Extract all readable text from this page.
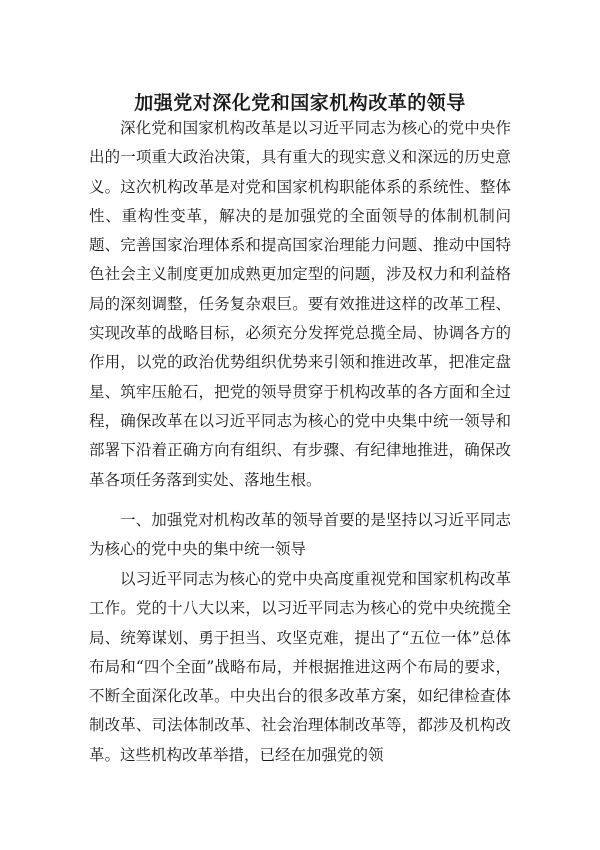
加强党对深化党和国家机构改革的领导

深化党和国家机构改革是以习近平同志为核心的党中央作出的一项重大政治决策，具有重大的现实意义和深远的历史意义。这次机构改革是对党和国家机构职能体系的系统性、整体性、重构性变革，解决的是加强党的全面领导的体制机制问题、完善国家治理体系和提高国家治理能力问题、推动中国特色社会主义制度更加成熟更加定型的问题，涉及权力和利益格局的深刻调整，任务复杂艰巨。要有效推进这样的改革工程、实现改革的战略目标，必须充分发挥党总揽全局、协调各方的作用，以党的政治优势组织优势来引领和推进改革，把准定盘星、筑牢压舱石，把党的领导贯穿于机构改革的各方面和全过程，确保改革在以习近平同志为核心的党中央集中统一领导和部署下沿着正确方向有组织、有步骤、有纪律地推进，确保改革各项任务落到实处、落地生根。

一、加强党对机构改革的领导首要的是坚持以习近平同志为核心的党中央的集中统一领导

以习近平同志为核心的党中央高度重视党和国家机构改革工作。党的十八大以来，以习近平同志为核心的党中央统揽全局、统筹谋划、勇于担当、攻坚克难，提出了“五位一体”总体布局和“四个全面”战略布局，并根据推进这两个布局的要求，不断全面深化改革。中央出台的很多改革方案，如纪律检查体制改革、司法体制改革、社会治理体制改革等，都涉及机构改革。这些机构改革举措，已经在加强党的领
